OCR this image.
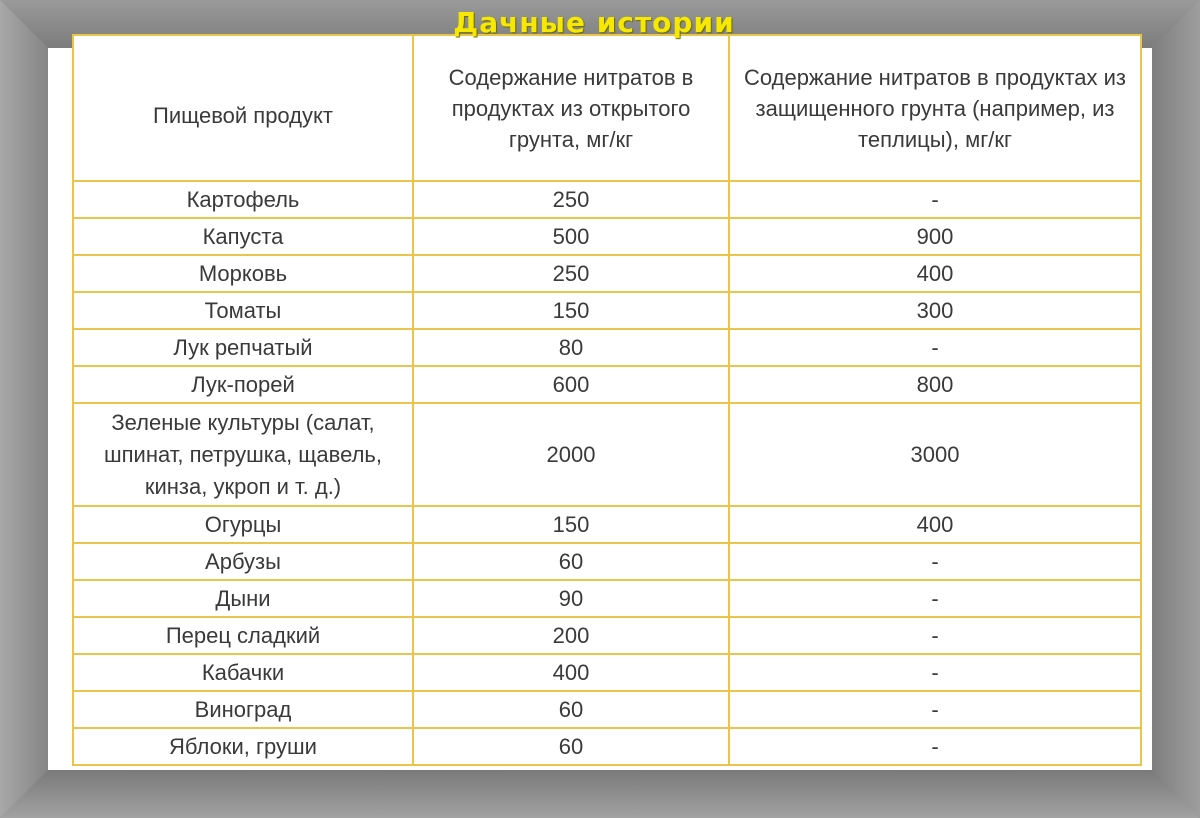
Дачные истории
Пищевой продукт	Содержание нитратов в продуктах из открытого грунта, мг/кг	Содержание нитратов в продуктах из защищенного грунта (например, из теплицы), мг/кг
Картофель	250	-
Капуста	500	900
Морковь	250	400
Томаты	150	300
Лук репчатый	80	-
Лук-порей	600	800
Зеленые культуры (салат, шпинат, петрушка, щавель, кинза, укроп и т. д.)	2000	3000
Огурцы	150	400
Арбузы	60	-
Дыни	90	-
Перец сладкий	200	-
Кабачки	400	-
Виноград	60	-
Яблоки, груши	60	-
